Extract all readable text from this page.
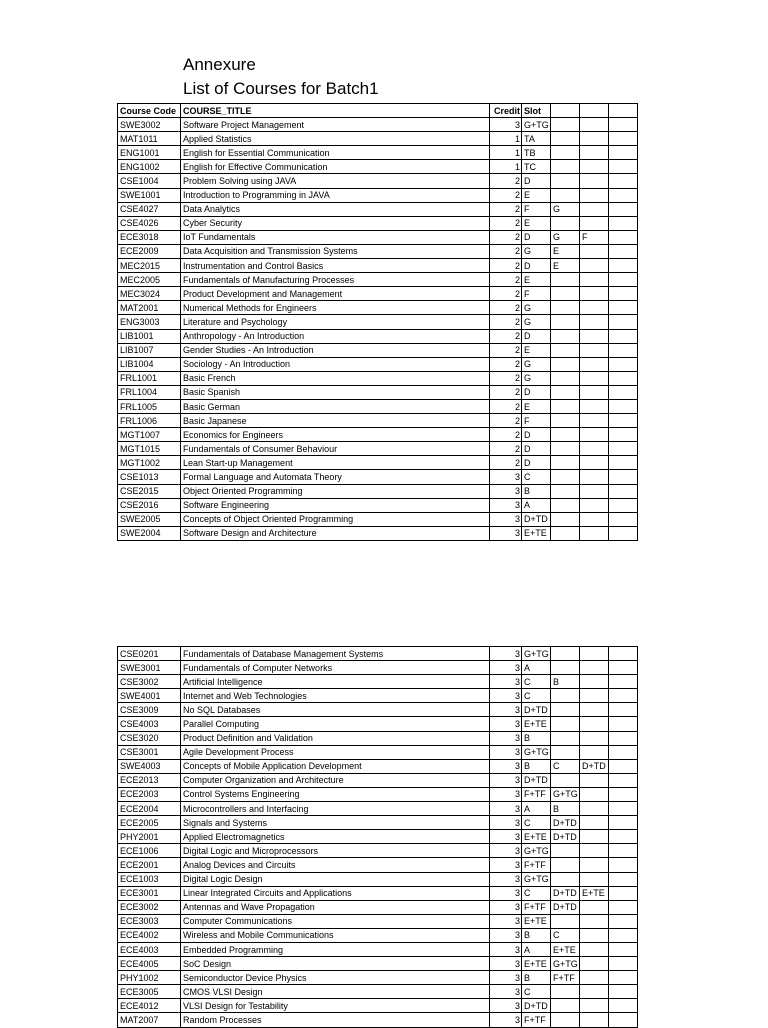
Annexure
List of Courses for Batch1
Course Code	COURSE_TITLE	Credit	Slot			
SWE3002	Software Project Management	3	G+TG			
MAT1011	Applied Statistics	1	TA			
ENG1001	English for Essential Communication	1	TB			
ENG1002	English for Effective Communication	1	TC			
CSE1004	Problem Solving using JAVA	2	D			
SWE1001	Introduction to Programming in JAVA	2	E			
CSE4027	Data Analytics	2	F	G		
CSE4026	Cyber Security	2	E			
ECE3018	IoT Fundamentals	2	D	G	F	
ECE2009	Data Acquisition and Transmission Systems	2	G	E		
MEC2015	Instrumentation and Control Basics	2	D	E		
MEC2005	Fundamentals of Manufacturing Processes	2	E			
MEC3024	Product Development and Management	2	F			
MAT2001	Numerical Methods for Engineers	2	G			
ENG3003	Literature and Psychology	2	G			
LIB1001	Anthropology - An Introduction	2	D			
LIB1007	Gender Studies - An Introduction	2	E			
LIB1004	Sociology - An Introduction	2	G			
FRL1001	Basic French	2	G			
FRL1004	Basic Spanish	2	D			
FRL1005	Basic German	2	E			
FRL1006	Basic Japanese	2	F			
MGT1007	Economics for Engineers	2	D			
MGT1015	Fundamentals of Consumer Behaviour	2	D			
MGT1002	Lean Start-up Management	2	D			
CSE1013	Formal Language and Automata Theory	3	C			
CSE2015	Object Oriented Programming	3	B			
CSE2016	Software Engineering	3	A			
SWE2005	Concepts of Object Oriented Programming	3	D+TD			
SWE2004	Software Design and Architecture	3	E+TE			
CSE0201	Fundamentals of Database Management Systems	3	G+TG			
SWE3001	Fundamentals of Computer Networks	3	A			
CSE3002	Artificial Intelligence	3	C	B		
SWE4001	Internet and Web Technologies	3	C			
CSE3009	No SQL Databases	3	D+TD			
CSE4003	Parallel Computing	3	E+TE			
CSE3020	Product Definition and Validation	3	B			
CSE3001	Agile Development Process	3	G+TG			
SWE4003	Concepts of Mobile Application Development	3	B	C	D+TD	
ECE2013	Computer Organization and Architecture	3	D+TD			
ECE2003	Control Systems Engineering	3	F+TF	G+TG		
ECE2004	Microcontrollers and Interfacing	3	A	B		
ECE2005	Signals and Systems	3	C	D+TD		
PHY2001	Applied Electromagnetics	3	E+TE	D+TD		
ECE1006	Digital Logic and Microprocessors	3	G+TG			
ECE2001	Analog Devices and Circuits	3	F+TF			
ECE1003	Digital Logic Design	3	G+TG			
ECE3001	Linear Integrated Circuits and Applications	3	C	D+TD	E+TE	
ECE3002	Antennas and Wave Propagation	3	F+TF	D+TD		
ECE3003	Computer Communications	3	E+TE			
ECE4002	Wireless and Mobile Communications	3	B	C		
ECE4003	Embedded Programming	3	A	E+TE		
ECE4005	SoC Design	3	E+TE	G+TG		
PHY1002	Semiconductor Device Physics	3	B	F+TF		
ECE3005	CMOS VLSI Design	3	C			
ECE4012	VLSI Design for Testability	3	D+TD			
MAT2007	Random Processes	3	F+TF			
